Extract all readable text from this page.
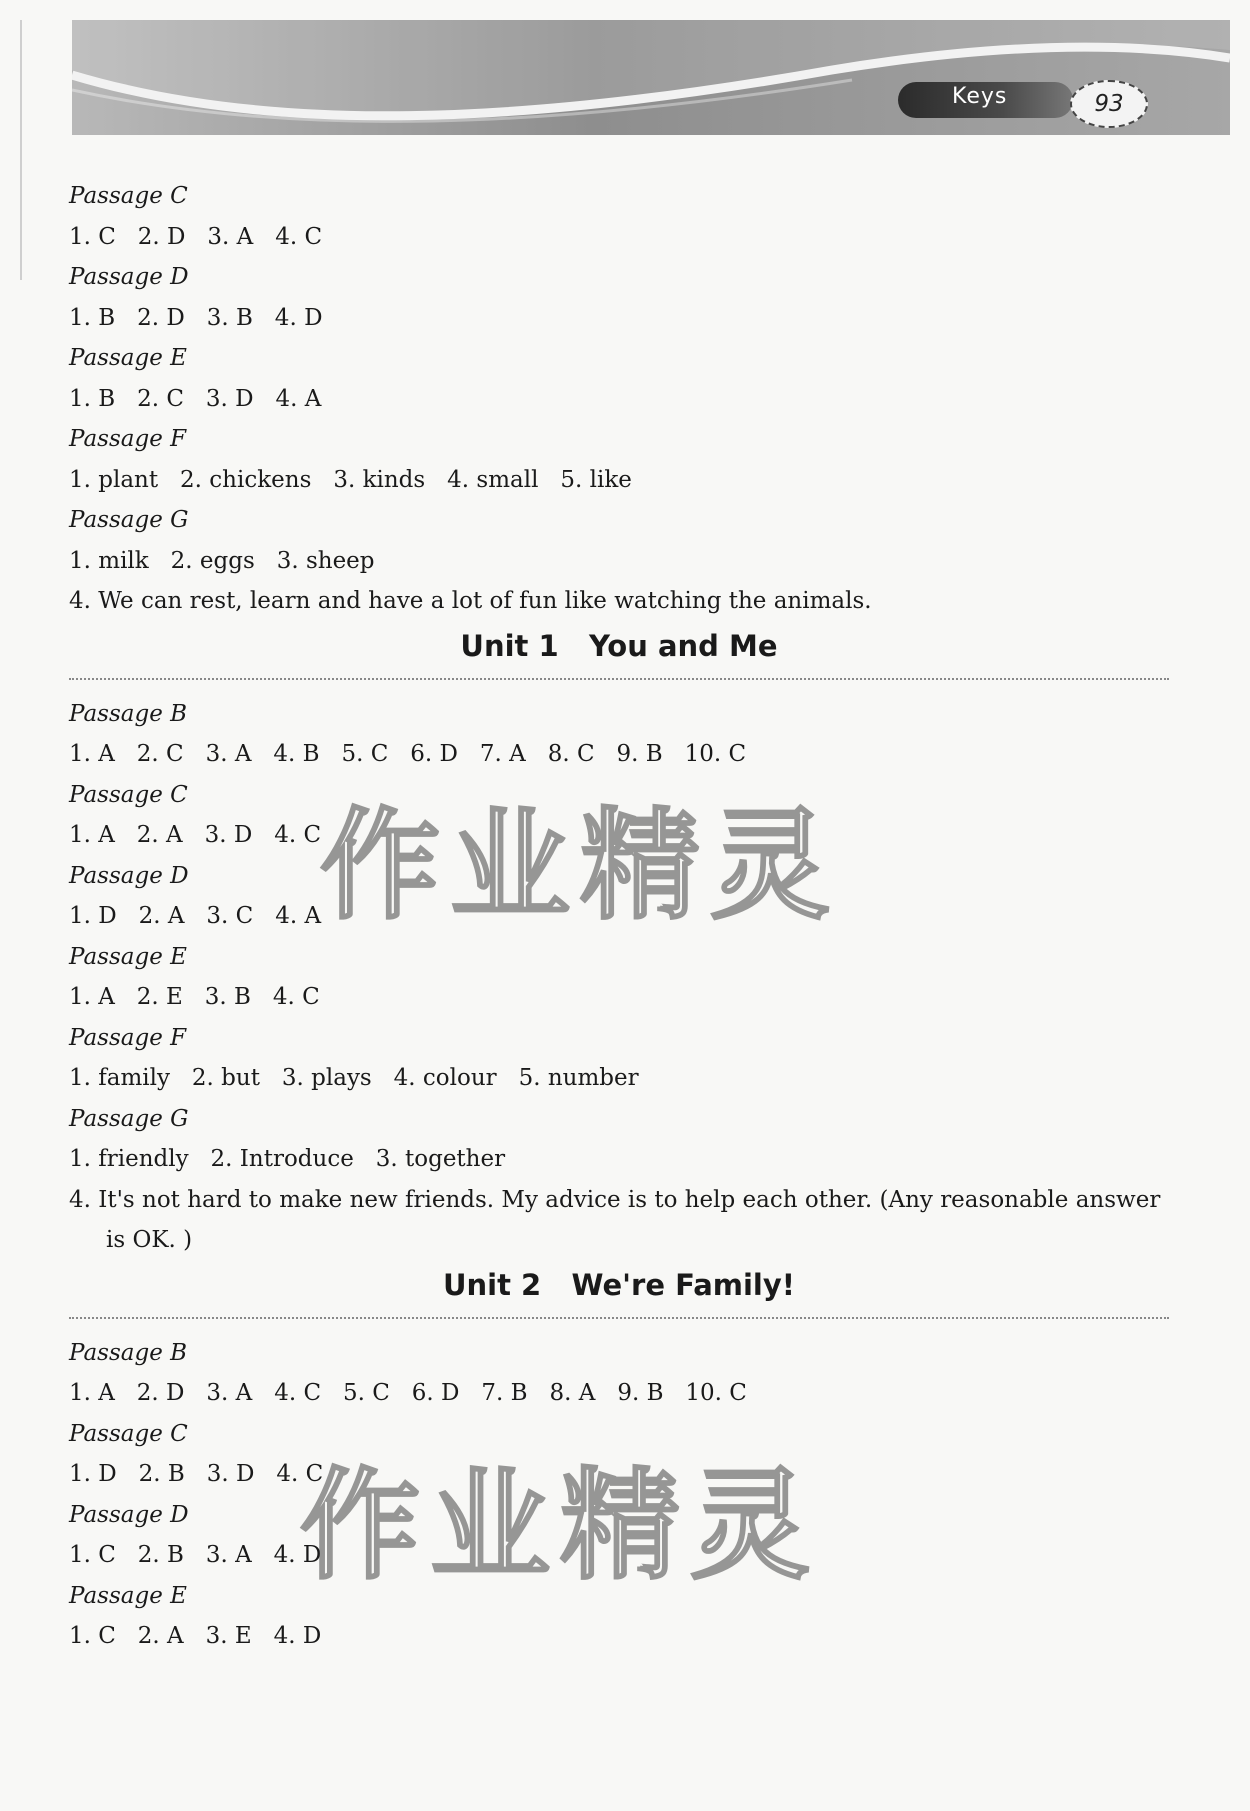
Keys	93
Passage C
1. C   2. D   3. A   4. C
Passage D
1. B   2. D   3. B   4. D
Passage E
1. B   2. C   3. D   4. A
Passage F
1. plant   2. chickens   3. kinds   4. small   5. like
Passage G
1. milk   2. eggs   3. sheep
4. We can rest, learn and have a lot of fun like watching the animals.
Unit 1   You and Me
Passage B
1. A   2. C   3. A   4. B   5. C   6. D   7. A   8. C   9. B   10. C
Passage C
1. A   2. A   3. D   4. C
Passage D
1. D   2. A   3. C   4. A
Passage E
1. A   2. E   3. B   4. C
Passage F
1. family   2. but   3. plays   4. colour   5. number
Passage G
1. friendly   2. Introduce   3. together
4. It's not hard to make new friends. My advice is to help each other. (Any reasonable answer
is OK. )
Unit 2   We're Family!
Passage B
1. A   2. D   3. A   4. C   5. C   6. D   7. B   8. A   9. B   10. C
Passage C
1. D   2. B   3. D   4. C
Passage D
1. C   2. B   3. A   4. D
Passage E
1. C   2. A   3. E   4. D
作业精灵
作业精灵
